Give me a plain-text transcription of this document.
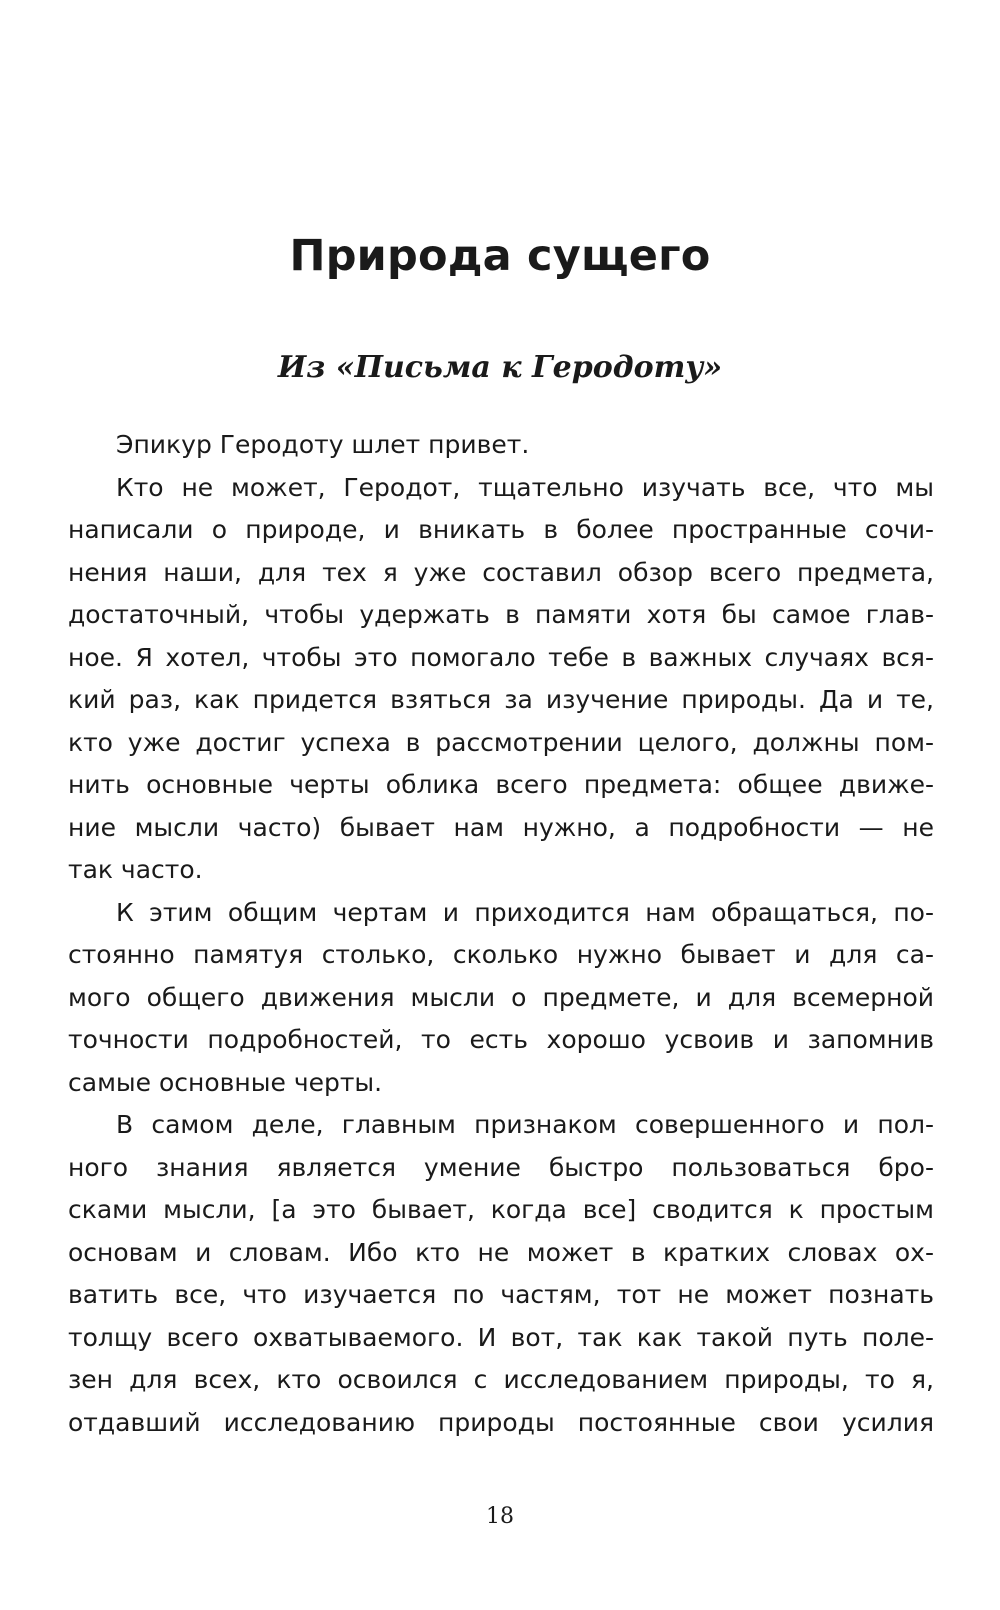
Природа сущего
Из «Письма к Геродоту»
Эпикур Геродоту шлет привет.
Кто не может, Геродот, тщательно изучать все, что мы
написали о природе, и вникать в более пространные сочи-
нения наши, для тех я уже составил обзор всего предмета,
достаточный, чтобы удержать в памяти хотя бы самое глав-
ное. Я хотел, чтобы это помогало тебе в важных случаях вся-
кий раз, как придется взяться за изучение природы. Да и те,
кто уже достиг успеха в рассмотрении целого, должны пом-
нить основные черты облика всего предмета: общее движе-
ние мысли часто) бывает нам нужно, а подробности — не
так часто.
К этим общим чертам и приходится нам обращаться, по-
стоянно памятуя столько, сколько нужно бывает и для са-
мого общего движения мысли о предмете, и для всемерной
точности подробностей, то есть хорошо усвоив и запомнив
самые основные черты.
В самом деле, главным признаком совершенного и пол-
ного знания является умение быстро пользоваться бро-
сками мысли, [а это бывает, когда все] сводится к простым
основам и словам. Ибо кто не может в кратких словах ох-
ватить все, что изучается по частям, тот не может познать
толщу всего охватываемого. И вот, так как такой путь поле-
зен для всех, кто освоился с исследованием природы, то я,
отдавший исследованию природы постоянные свои усилия
18
